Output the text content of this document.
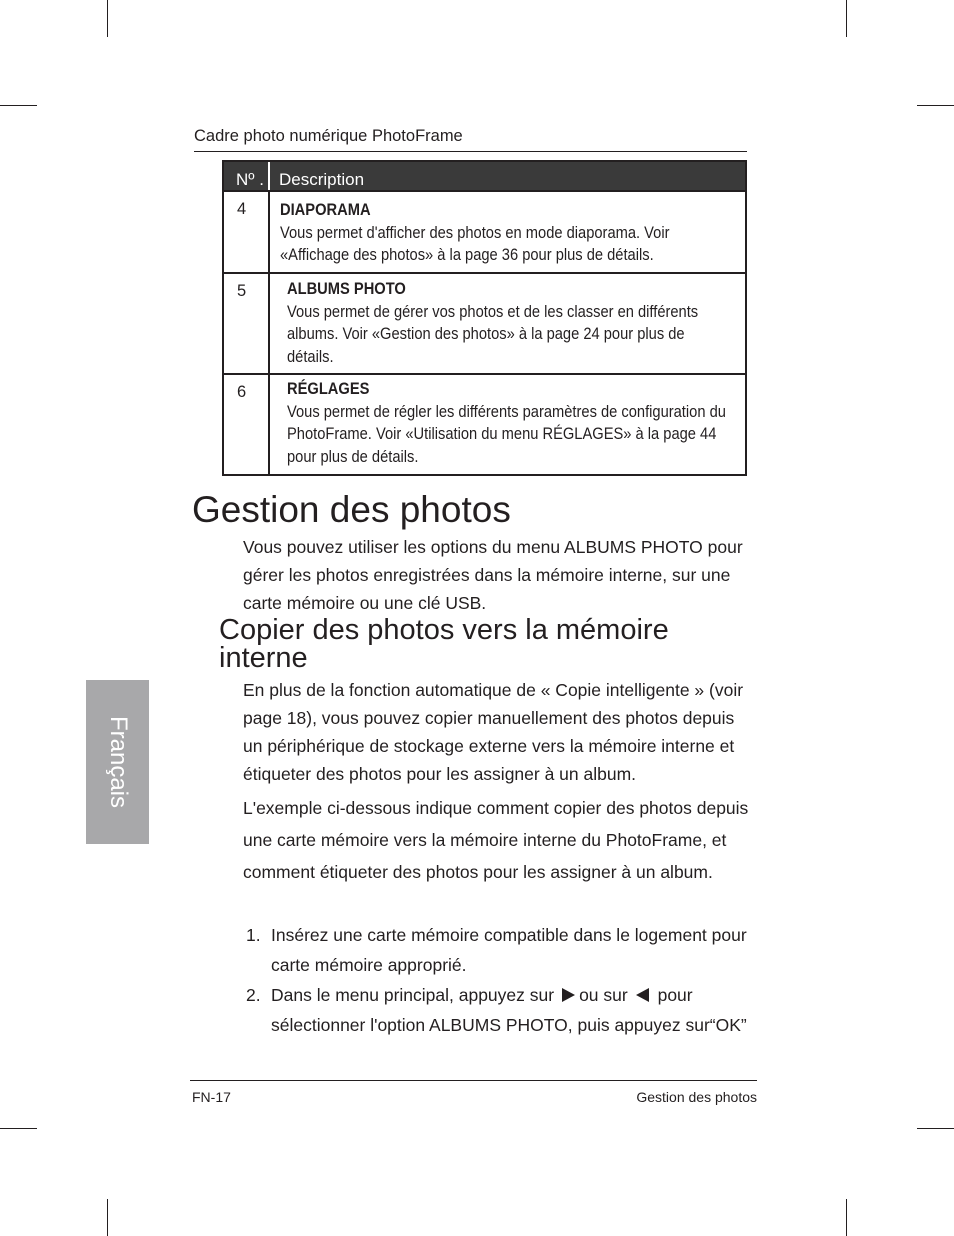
Cadre photo numérique PhotoFrame
Nº . Description
4 DIAPORAMA
Vous permet d'afficher des photos en mode diaporama. Voir «Affichage des photos» à la page 36 pour plus de détails.
5 ALBUMS PHOTO
Vous permet de gérer vos photos et de les classer en différents albums. Voir «Gestion des photos» à la page 24 pour plus de détails.
6 RÉGLAGES
Vous permet de régler les différents paramètres de configuration du PhotoFrame. Voir «Utilisation du menu RÉGLAGES» à la page 44 pour plus de détails.
Gestion des photos
Vous pouvez utiliser les options du menu ALBUMS PHOTO pour gérer les photos enregistrées dans la mémoire interne, sur une carte mémoire ou une clé USB.
Copier des photos vers la mémoire interne
En plus de la fonction automatique de « Copie intelligente » (voir page 18), vous pouvez copier manuellement des photos depuis un périphérique de stockage externe vers la mémoire interne et étiqueter des photos pour les assigner à un album.
L'exemple ci-dessous indique comment copier des photos depuis une carte mémoire vers la mémoire interne du PhotoFrame, et comment étiqueter des photos pour les assigner à un album.
1. Insérez une carte mémoire compatible dans le logement pour carte mémoire approprié.
2. Dans le menu principal, appuyez sur ou sur pour sélectionner l'option ALBUMS PHOTO, puis appuyez sur“OK”
Français
FN-17	Gestion des photos
